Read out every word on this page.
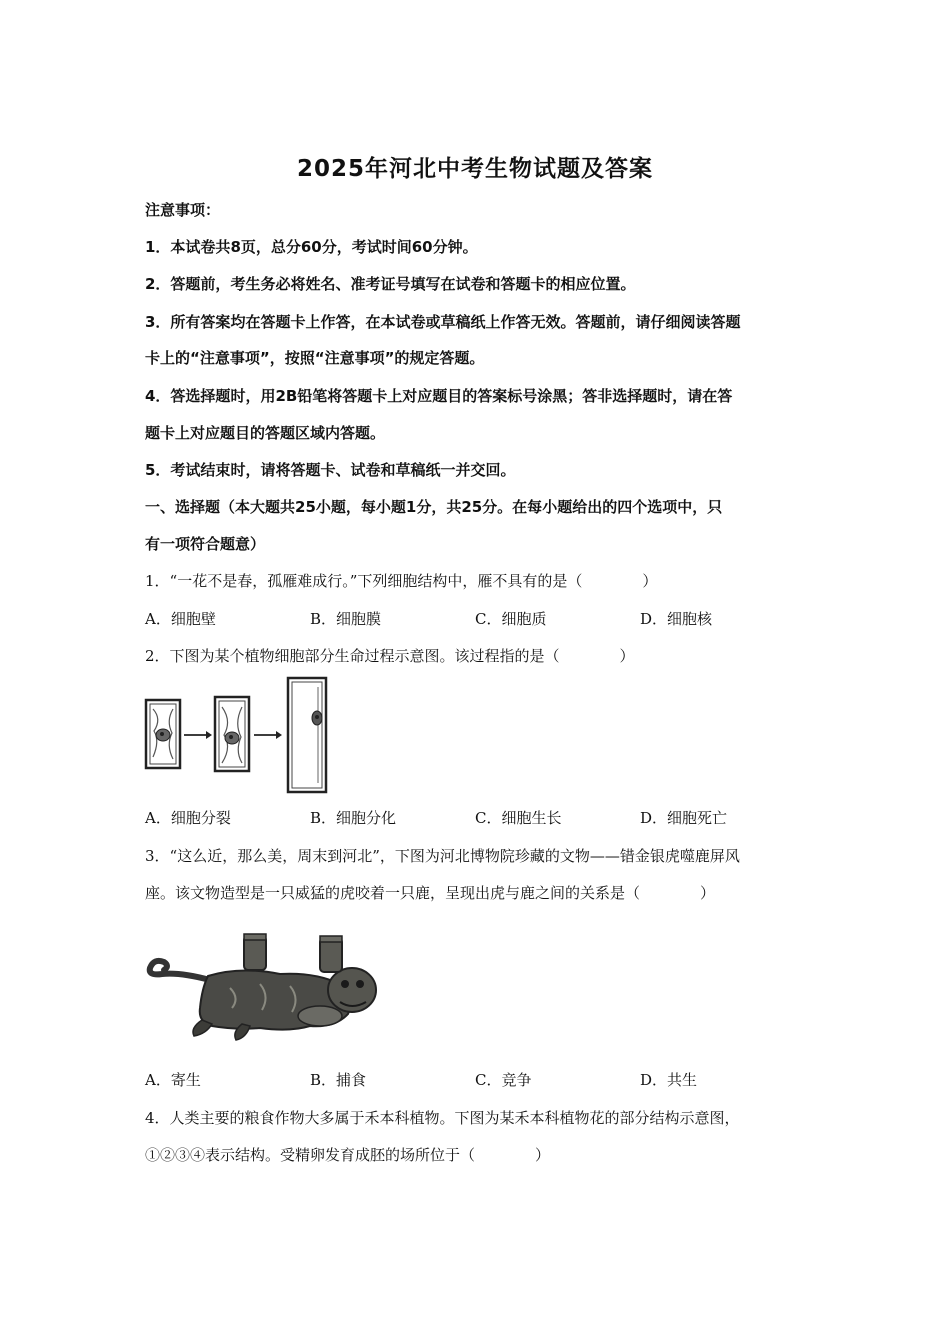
2025年河北中考生物试题及答案
注意事项：
1．本试卷共8页，总分60分，考试时间60分钟。
2．答题前，考生务必将姓名、准考证号填写在试卷和答题卡的相应位置。
3．所有答案均在答题卡上作答，在本试卷或草稿纸上作答无效。答题前，请仔细阅读答题
卡上的“注意事项”，按照“注意事项”的规定答题。
4．答选择题时，用2B铅笔将答题卡上对应题目的答案标号涂黑；答非选择题时，请在答
题卡上对应题目的答题区域内答题。
5．考试结束时，请将答题卡、试卷和草稿纸一并交回。
一、选择题（本大题共25小题，每小题1分，共25分。在每小题给出的四个选项中，只
有一项符合题意）
1．“一花不是春，孤雁难成行。”下列细胞结构中，雁不具有的是（　　　　）
A．细胞壁	B．细胞膜	C．细胞质	D．细胞核
2．下图为某个植物细胞部分生命过程示意图。该过程指的是（　　　　）
A．细胞分裂	B．细胞分化	C．细胞生长	D．细胞死亡
3．“这么近，那么美，周末到河北”，下图为河北博物院珍藏的文物——错金银虎噬鹿屏风
座。该文物造型是一只威猛的虎咬着一只鹿，呈现出虎与鹿之间的关系是（　　　　）
A．寄生	B．捕食	C．竞争	D．共生
4．人类主要的粮食作物大多属于禾本科植物。下图为某禾本科植物花的部分结构示意图，
①②③④表示结构。受精卵发育成胚的场所位于（　　　　）
